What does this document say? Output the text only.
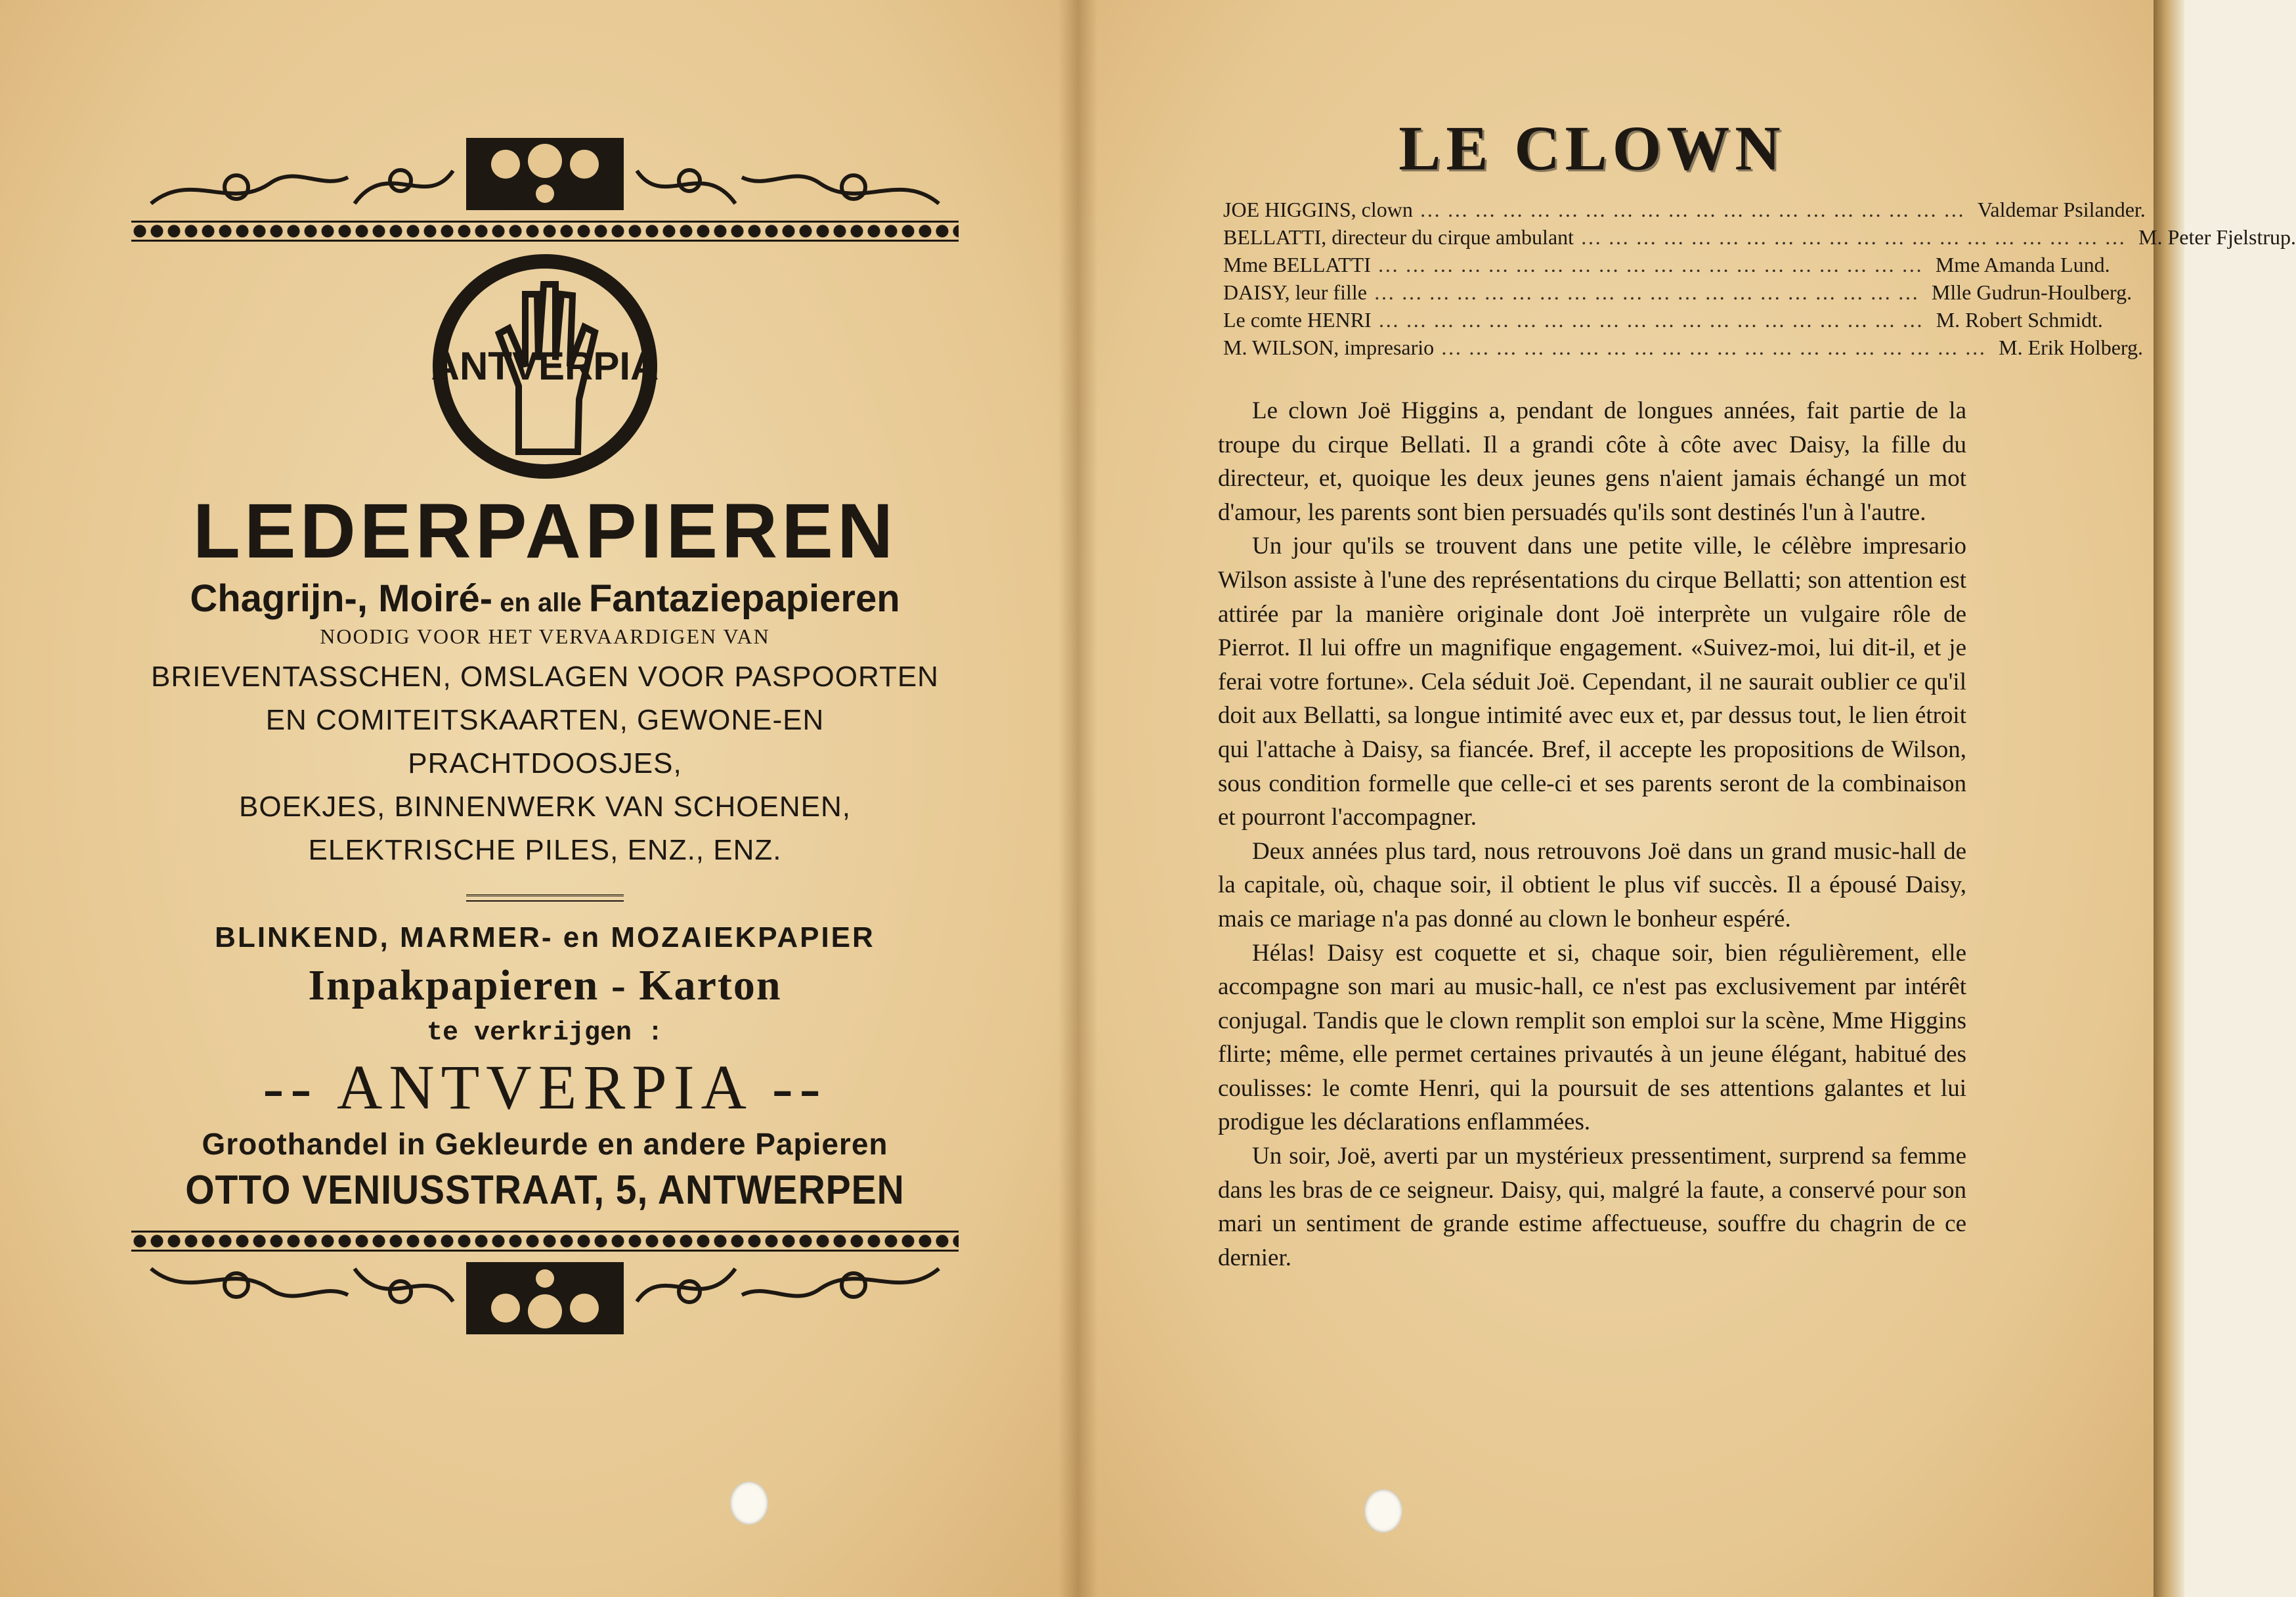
ANTVERPIA
LEDERPAPIEREN
Chagrijn-, Moiré- en alle Fantaziepapieren
NOODIG VOOR HET VERVAARDIGEN VAN
BRIEVENTASSCHEN, OMSLAGEN VOOR PASPOORTEN
EN COMITEITSKAARTEN, GEWONE-EN PRACHTDOOSJES,
BOEKJES, BINNENWERK VAN SCHOENEN,
ELEKTRISCHE PILES, ENZ., ENZ.
BLINKEND, MARMER- en MOZAIEKPAPIER
Inpakpapieren - Karton
te verkrijgen :
-- ANTVERPIA --
Groothandel in Gekleurde en andere Papieren
OTTO VENIUSSTRAAT, 5, ANTWERPEN
LE CLOWN
JOE HIGGINS, clown …………………………………………………… Valdemar Psilander.
BELLATTI, directeur du cirque ambulant …………………………………………………… M. Peter Fjelstrup.
Mme BELLATTI …………………………………………………… Mme Amanda Lund.
DAISY, leur fille …………………………………………………… Mlle Gudrun-Houlberg.
Le comte HENRI …………………………………………………… M. Robert Schmidt.
M. WILSON, impresario …………………………………………………… M. Erik Holberg.

Le clown Joë Higgins a, pendant de longues années, fait partie de la troupe du cirque Bellati. Il a grandi côte à côte avec Daisy, la fille du directeur, et, quoique les deux jeunes gens n'aient jamais échangé un mot d'amour, les parents sont bien persuadés qu'ils sont destinés l'un à l'autre.

Un jour qu'ils se trouvent dans une petite ville, le célèbre impresario Wilson assiste à l'une des représentations du cirque Bellatti; son attention est attirée par la manière originale dont Joë interprète un vulgaire rôle de Pierrot. Il lui offre un magnifique engagement. «Suivez-moi, lui dit-il, et je ferai votre fortune». Cela séduit Joë. Cependant, il ne saurait oublier ce qu'il doit aux Bellatti, sa longue intimité avec eux et, par dessus tout, le lien étroit qui l'attache à Daisy, sa fiancée. Bref, il accepte les propositions de Wilson, sous condition formelle que celle-ci et ses parents seront de la combinaison et pourront l'accompagner.

Deux années plus tard, nous retrouvons Joë dans un grand music-hall de la capitale, où, chaque soir, il obtient le plus vif succès. Il a épousé Daisy, mais ce mariage n'a pas donné au clown le bonheur espéré.

Hélas! Daisy est coquette et si, chaque soir, bien régulièrement, elle accompagne son mari au music-hall, ce n'est pas exclusivement par intérêt conjugal. Tandis que le clown remplit son emploi sur la scène, Mme Higgins flirte; même, elle permet certaines privautés à un jeune élégant, habitué des coulisses: le comte Henri, qui la poursuit de ses attentions galantes et lui prodigue les déclarations enflammées.

Un soir, Joë, averti par un mystérieux pressentiment, surprend sa femme dans les bras de ce seigneur. Daisy, qui, malgré la faute, a conservé pour son mari un sentiment de grande estime affectueuse, souffre du chagrin de ce dernier.
